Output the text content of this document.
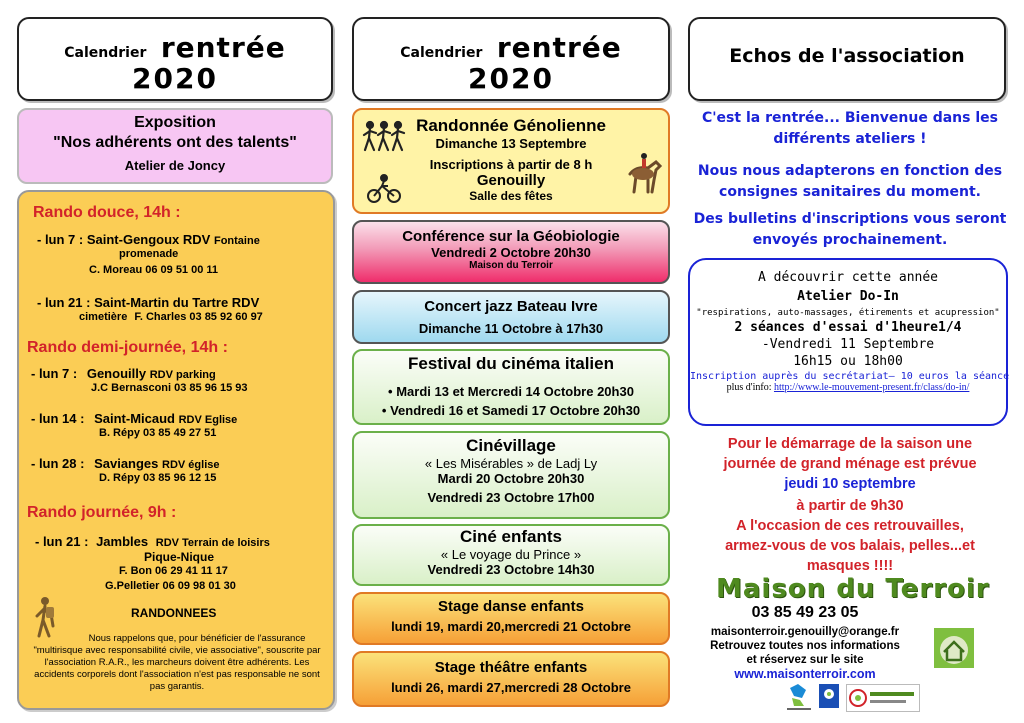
Calendrier rentrée
2020
Exposition
"Nos adhérents ont des talents"
Atelier de Joncy
Rando douce, 14h :
- lun 7 : Saint-Gengoux RDV Fontaine
promenade
C. Moreau 06 09 51 00 11
- lun 21 : Saint-Martin du Tartre RDV
cimetière F. Charles 03 85 92 60 97
Rando demi-journée, 14h :
- lun 7 : Genouilly RDV parking
J.C Bernasconi 03 85 96 15 93
- lun 14 : Saint-Micaud RDV Eglise
B. Répy 03 85 49 27 51
- lun 28 : Savianges RDV église
D. Répy 03 85 96 12 15
Rando journée, 9h :
- lun 21 : Jambles RDV Terrain de loisirs
Pique-Nique
F. Bon 06 29 41 11 17
G.Pelletier 06 09 98 01 30
RANDONNEES
Nous rappelons que, pour bénéficier de l'assurance
"multirisque avec responsabilité civile, vie associative", souscrite par
l'association R.A.R., les marcheurs doivent être adhérents. Les
accidents corporels dont l'association n'est pas responsable ne sont
pas garantis.
Calendrier rentrée
2020
Randonnée Génolienne
Dimanche 13 Septembre
Inscriptions à partir de 8 h
Genouilly
Salle des fêtes
Conférence sur la Géobiologie
Vendredi 2 Octobre 20h30
Maison du Terroir
Concert jazz Bateau Ivre
Dimanche 11 Octobre à 17h30
Festival du cinéma italien
• Mardi 13 et Mercredi 14 Octobre 20h30
• Vendredi 16 et Samedi 17 Octobre 20h30
Cinévillage
« Les Misérables » de Ladj Ly
Mardi 20 Octobre 20h30
Vendredi 23 Octobre 17h00
Ciné enfants
« Le voyage du Prince »
Vendredi 23 Octobre 14h30
Stage danse enfants
lundi 19, mardi 20,mercredi 21 Octobre
Stage théâtre enfants
lundi 26, mardi 27,mercredi 28 Octobre
Echos de l'association
C'est la rentrée... Bienvenue dans les
différents ateliers !
Nous nous adapterons en fonction des
consignes sanitaires du moment.
Des bulletins d'inscriptions vous seront
envoyés prochainement.
A découvrir cette année
Atelier Do-In
"respirations, auto-massages, étirements et acupression"
2 séances d'essai d'1heure1/4
-Vendredi 11 Septembre
16h15 ou 18h00
Inscription auprès du secrétariat— 10 euros la séance
plus d'info: http://www.le-mouvement-present.fr/class/do-in/
Pour le démarrage de la saison une
journée de grand ménage est prévue
jeudi 10 septembre
à partir de 9h30
A l'occasion de ces retrouvailles,
armez-vous de vos balais, pelles...et
masques !!!!
Maison du Terroir
03 85 49 23 05
maisonterroir.genouilly@orange.fr
Retrouvez toutes nos informations
et réservez sur le site
www.maisonterroir.com
